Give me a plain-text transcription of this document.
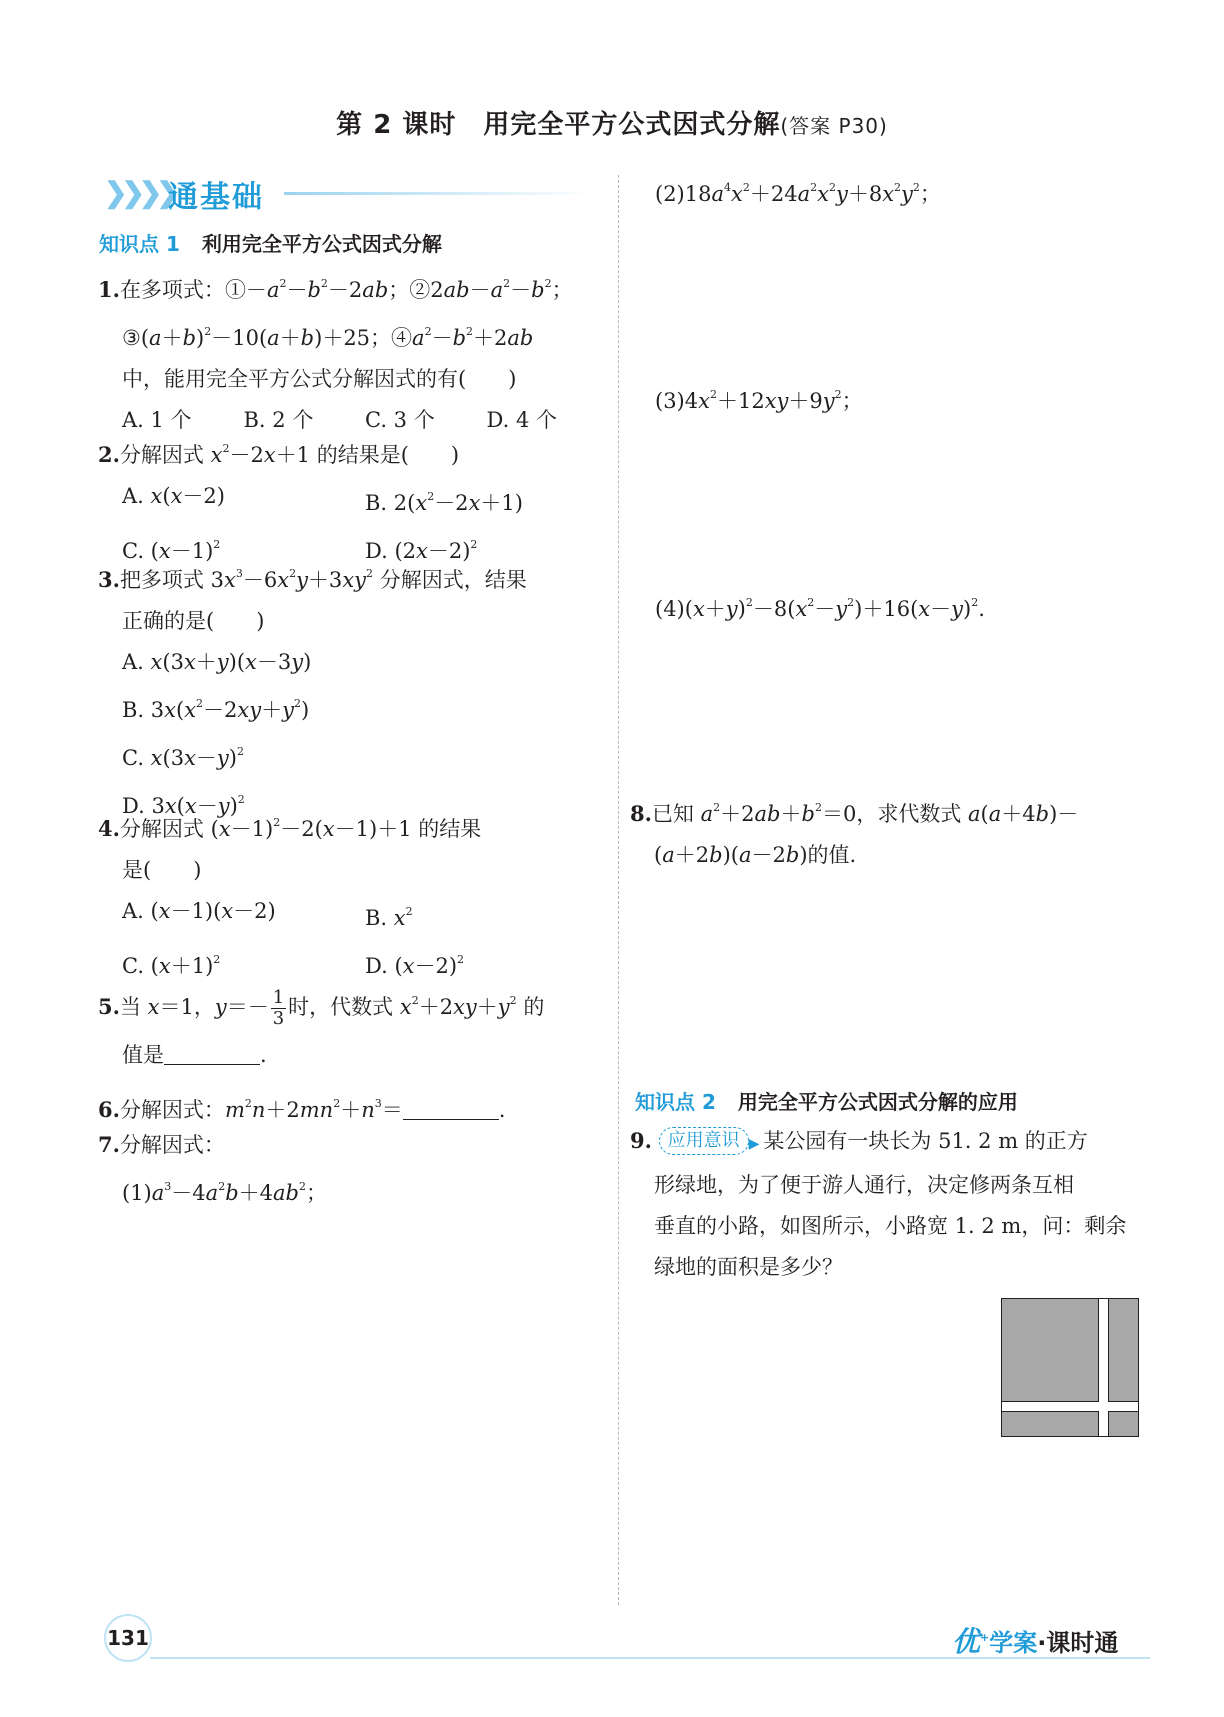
第 2 课时　用完全平方公式因式分解(答案 P30)
❯❯❯❯
通基础
知识点 1 利用完全平方公式因式分解
1.在多项式：$①-a^2-b^2-2ab$；$②2ab-a^2-b^2$；
$③(a+b)^2-10(a+b)+25$；$④a^2-b^2+2ab$
中，能用完全平方公式分解因式的有(　　)
A. 1 个	B. 2 个	C. 3 个	D. 4 个
2.分解因式 $x^2-2x+1$ 的结果是(　　)
A. x(x－2)	B. $2(x^2-2x+1)$
C. $(x-1)^2$	D. $(2x-2)^2$
3.把多项式 $3x^3-6x^2y+3xy^2$ 分解因式，结果
正确的是(　　)
A. x(3x＋y)(x－3y)
B. $3x(x^2-2xy+y^2)$
C. $x(3x-y)^2$
D. $3x(x-y)^2$
4.分解因式 $(x-1)^2-2(x-1)+1$ 的结果
是(　　)
A. (x－1)(x－2)	B. $x^2$
C. $(x+1)^2$	D. $(x-2)^2$
5.当 x＝1，$y=- \frac{1}{3}$ 时，代数式 $x^2+2xy+y^2$ 的
值是	.
6.分解因式：$m^2n+2mn^2+n^3=$	.
7.分解因式：
$(1)a^3-4a^2b+4ab^2$；
$(2)18a^4x^2+24a^2x^2y+8x^2y^2$；
$(3)4x^2+12xy+9y^2$；
$(4)(x+y)^2-8(x^2-y^2)+16(x-y)^2$.
8.已知 $a^2+2ab+b^2=0$，求代数式 a(a＋4b)－
(a＋2b)(a－2b)的值.
知识点 2 用完全平方公式因式分解的应用
9. 应用意识 ▶ 某公园有一块长为 51. 2 m 的正方
形绿地，为了便于游人通行，决定修两条互相
垂直的小路，如图所示，小路宽 1. 2 m，问：剩余
绿地的面积是多少？
131	优+学案·课时通
